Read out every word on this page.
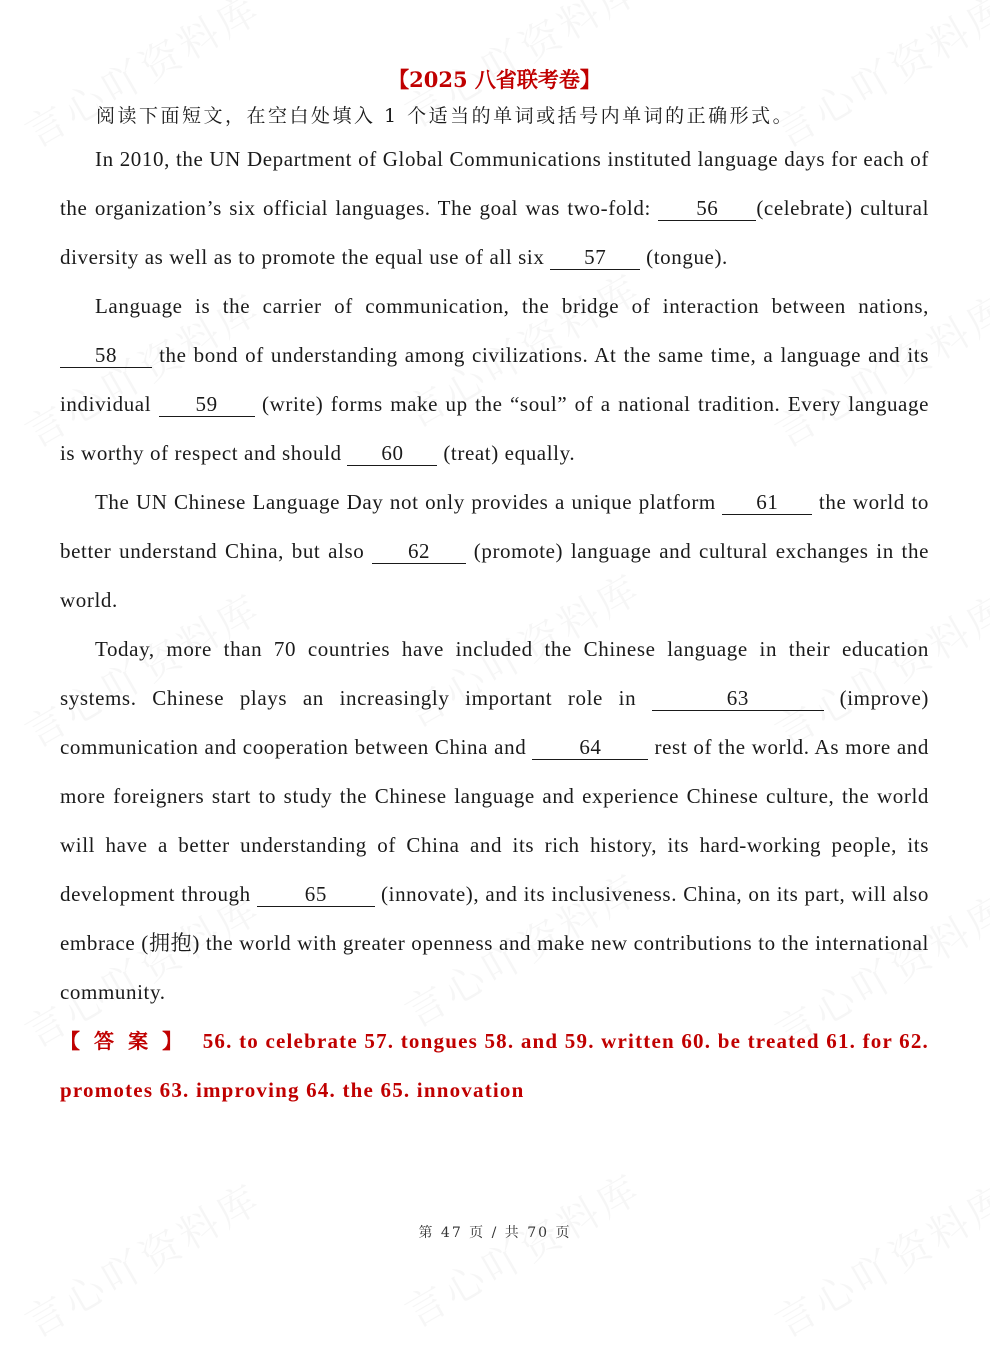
【2025 八省联考卷】
阅读下面短文，在空白处填入 1 个适当的单词或括号内单词的正确形式。

In 2010, the UN Department of Global Communications instituted language days for each of the organization’s six official languages. The goal was two-fold: 56 (celebrate) cultural diversity as well as to promote the equal use of all six 57 (tongue).

Language is the carrier of communication, the bridge of interaction between nations,58 the bond of understanding among civilizations. At the same time, a language and its individual 59 (write) forms make up the “soul” of a national tradition. Every language is worthy of respect and should 60 (treat) equally.

The UN Chinese Language Day not only provides a unique platform 61 the world to better understand China, but also 62 (promote) language and cultural exchanges in the world.

Today, more than 70 countries have included the Chinese language in their education systems. Chinese plays an increasingly important role in	63	(improve) communication and cooperation between China and 64 rest of the world. As more and more foreigners start to study the Chinese language and experience Chinese culture, the world will have a better understanding of China and its rich history, its hard-working people, its development through 65 (innovate), and its inclusiveness. China, on its part, will also embrace (拥抱) the world with greater openness and make new contributions to the international community.

【答案】 56. to celebrate 57. tongues 58. and 59. written 60. be treated 61. for 62. promotes 63. improving 64. the 65. innovation
第 47 页 / 共 70 页
